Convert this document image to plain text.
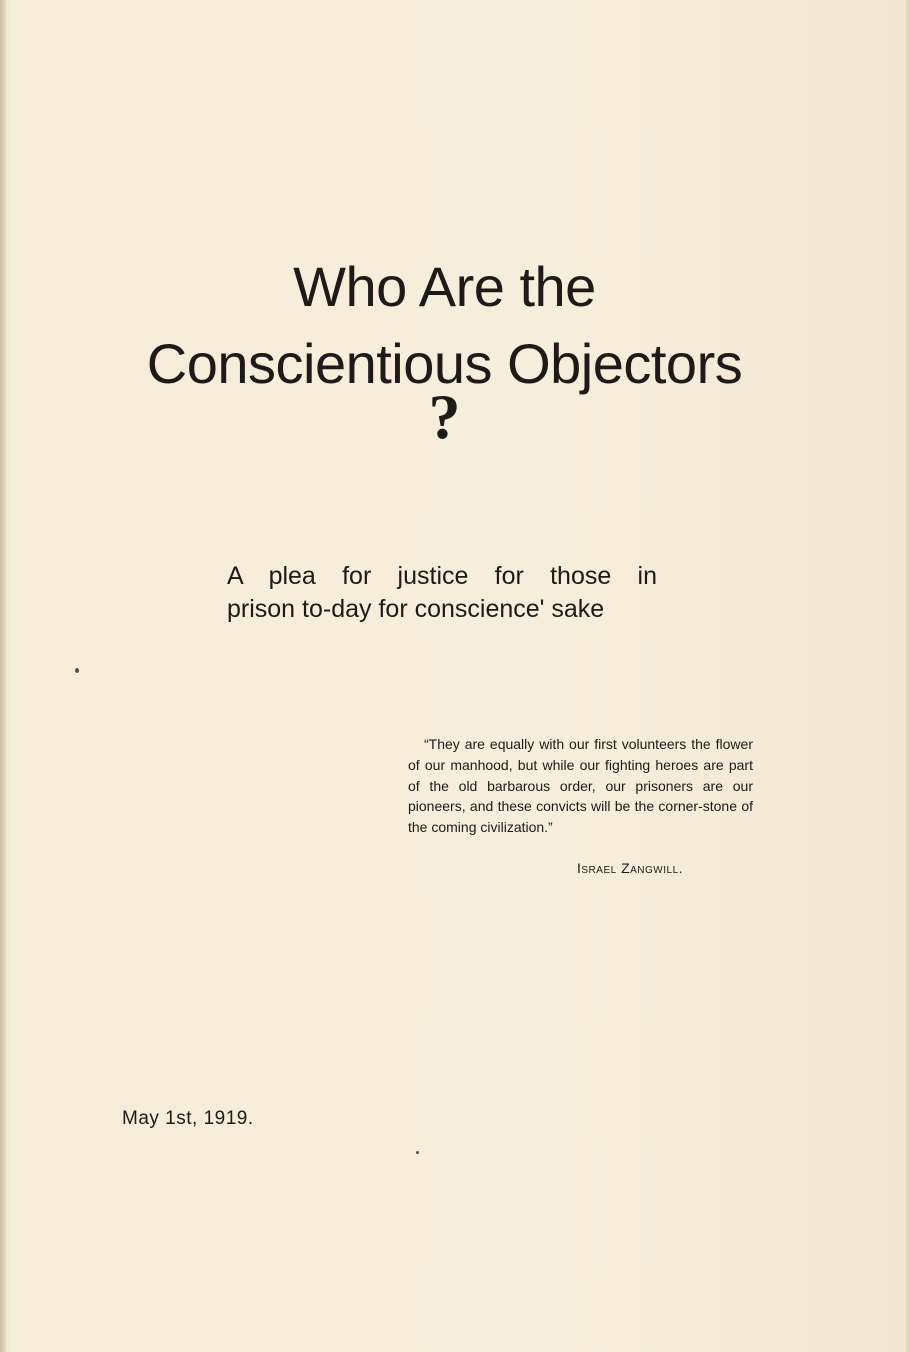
Who Are the
Conscientious Objectors
?
A plea for justice for those in
prison to-day for conscience' sake
“They are equally with our first volunteers the flower of our manhood, but while our fighting heroes are part of the old barbarous order, our prisoners are our pioneers, and these convicts will be the corner-stone of the coming civilization.”
Israel Zangwill.
May 1st, 1919.
